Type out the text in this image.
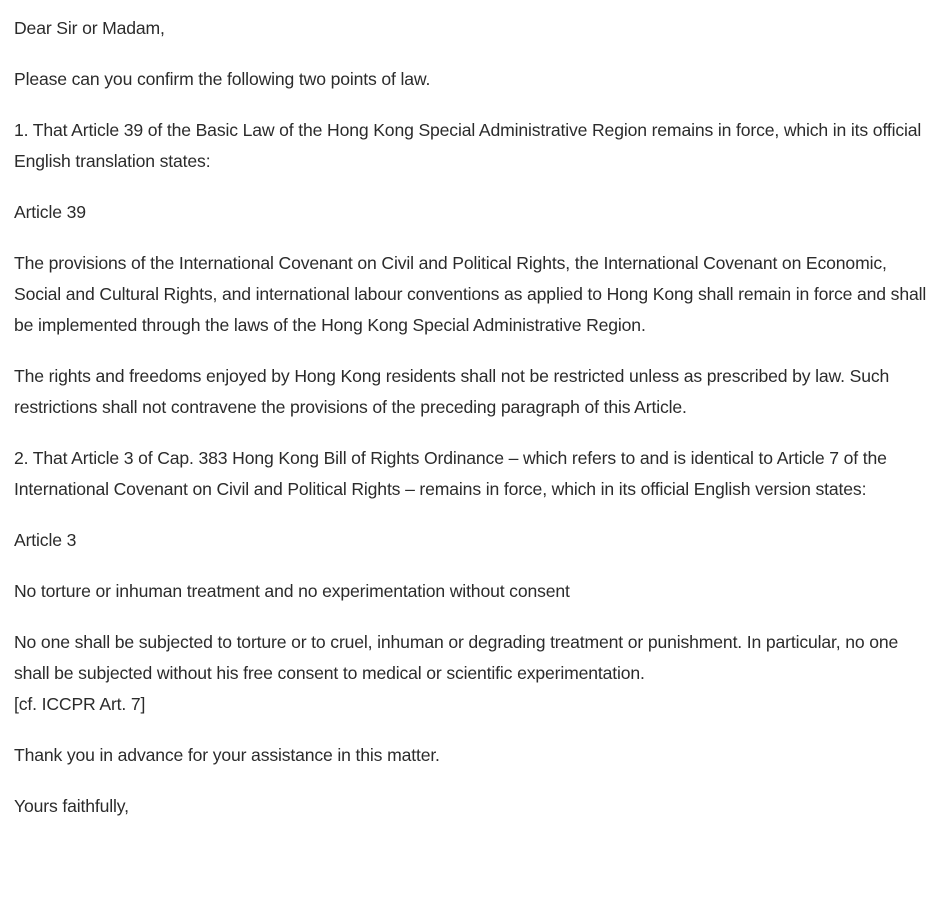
Dear Sir or Madam,

Please can you confirm the following two points of law.

1. That Article 39 of the Basic Law of the Hong Kong Special Administrative Region remains in force, which in its official English translation states:

Article 39

The provisions of the International Covenant on Civil and Political Rights, the International Covenant on Economic, Social and Cultural Rights, and international labour conventions as applied to Hong Kong shall remain in force and shall be implemented through the laws of the Hong Kong Special Administrative Region.

The rights and freedoms enjoyed by Hong Kong residents shall not be restricted unless as prescribed by law. Such restrictions shall not contravene the provisions of the preceding paragraph of this Article.

2. That Article 3 of Cap. 383 Hong Kong Bill of Rights Ordinance – which refers to and is identical to Article 7 of the International Covenant on Civil and Political Rights – remains in force, which in its official English version states:

Article 3

No torture or inhuman treatment and no experimentation without consent

No one shall be subjected to torture or to cruel, inhuman or degrading treatment or punishment. In particular, no one shall be subjected without his free consent to medical or scientific experimentation.
[cf. ICCPR Art. 7]

Thank you in advance for your assistance in this matter.

Yours faithfully,
